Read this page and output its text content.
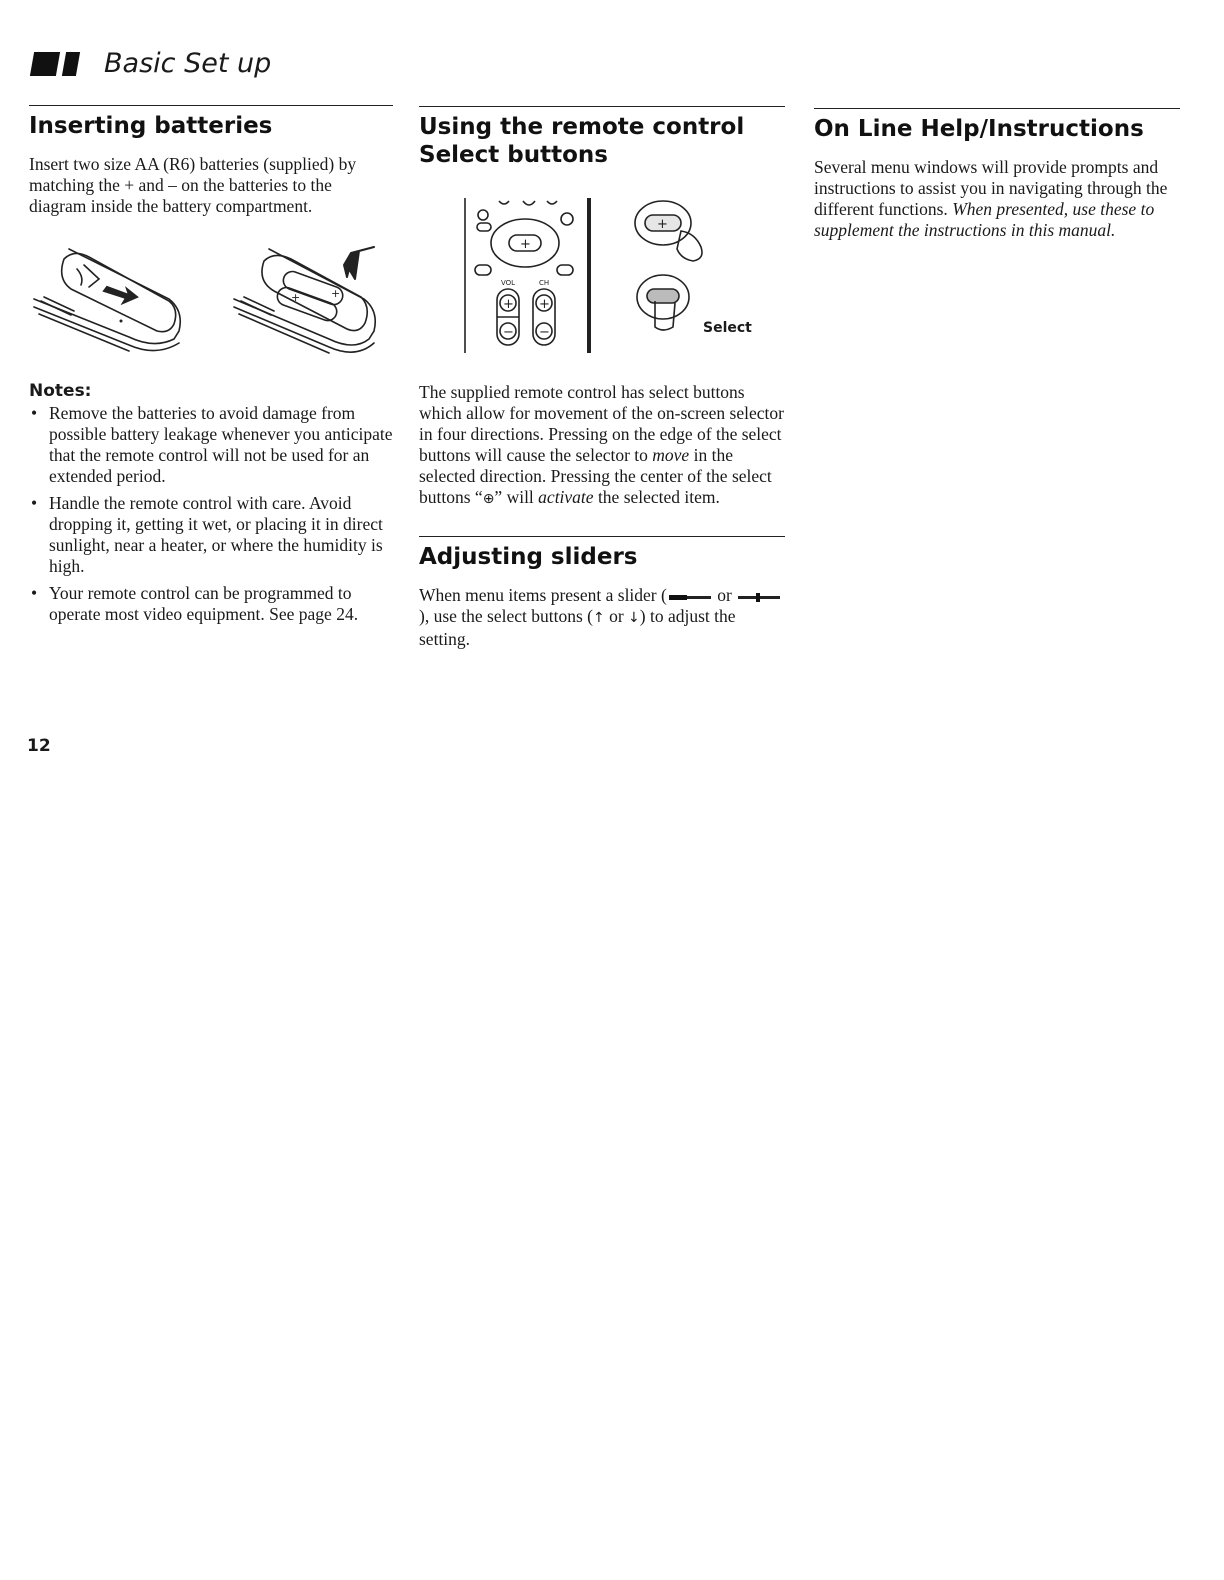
Basic Set up
Inserting batteries

Insert two size AA (R6) batteries (supplied) by matching the + and – on the batteries to the diagram inside the battery compartment.

+
+
Notes:
• Remove the batteries to avoid damage from possible battery leakage whenever you anticipate that the remote control will not be used for an extended period.
• Handle the remote control with care. Avoid dropping it, getting it wet, or placing it in direct sunlight, near a heater, or where the humidity is high.
• Your remote control can be programmed to operate most video equipment. See page 24.
Using the remote control
Select buttons
+
+
−
+
−
+
VOL	CH
Select

The supplied remote control has select buttons which allow for movement of the on-screen selector in four directions. Pressing on the edge of the select buttons will cause the selector to move in the selected direction. Pressing the center of the select buttons “⊕” will activate the selected item.

Adjusting sliders

When menu items present a slider (	or
), use the select buttons (↑ or ↓) to adjust the setting.

On Line Help/Instructions

Several menu windows will provide prompts and instructions to assist you in navigating through the different functions. When presented, use these to supplement the instructions in this manual.

12
